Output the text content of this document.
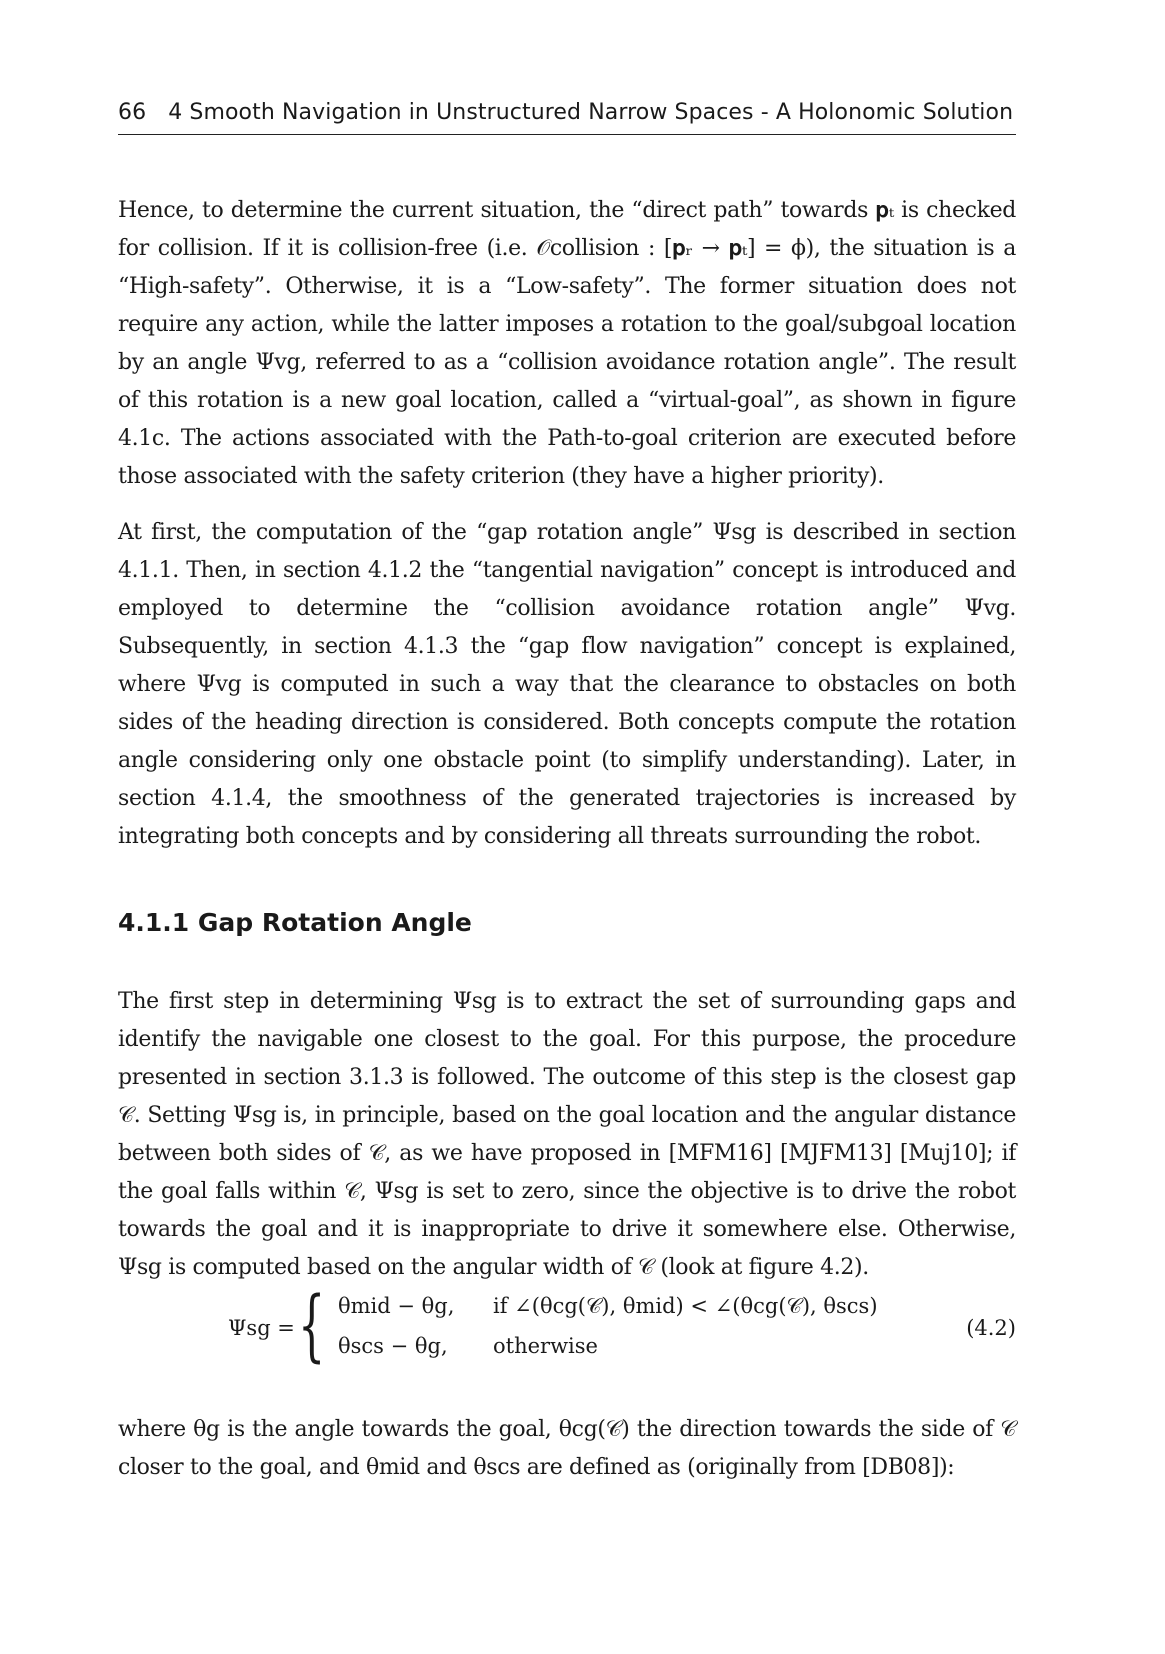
66 4 Smooth Navigation in Unstructured Narrow Spaces - A Holonomic Solution

Hence, to determine the current situation, the “direct path” towards 𝐩ₜ is checked for collision. If it is collision-free (i.e. 𝒪collision : [𝐩ᵣ → 𝐩ₜ] = ϕ), the situation is a “High-safety”. Otherwise, it is a “Low-safety”. The former situation does not require any action, while the latter imposes a rotation to the goal/subgoal location by an angle Ψvg, referred to as a “collision avoidance rotation angle”. The result of this rotation is a new goal location, called a “virtual-goal”, as shown in figure 4.1c. The actions associated with the Path-to-goal criterion are executed before those associated with the safety criterion (they have a higher priority).

At first, the computation of the “gap rotation angle” Ψsg is described in section 4.1.1. Then, in section 4.1.2 the “tangential navigation” concept is introduced and employed to determine the “collision avoidance rotation angle” Ψvg. Subsequently, in section 4.1.3 the “gap flow navigation” concept is explained, where Ψvg is computed in such a way that the clearance to obstacles on both sides of the heading direction is considered. Both concepts compute the rotation angle considering only one obstacle point (to simplify understanding). Later, in section 4.1.4, the smoothness of the generated trajectories is increased by integrating both concepts and by considering all threats surrounding the robot.

4.1.1 Gap Rotation Angle

The first step in determining Ψsg is to extract the set of surrounding gaps and identify the navigable one closest to the goal. For this purpose, the procedure presented in section 3.1.3 is followed. The outcome of this step is the closest gap 𝒞. Setting Ψsg is, in principle, based on the goal location and the angular distance between both sides of 𝒞, as we have proposed in [MFM16] [MJFM13] [Muj10]; if the goal falls within 𝒞, Ψsg is set to zero, since the objective is to drive the robot towards the goal and it is inappropriate to drive it somewhere else. Otherwise, Ψsg is computed based on the angular width of 𝒞 (look at figure 4.2).

Ψsg = { θmid − θg, if ∠(θcg(𝒞), θmid) < ∠(θcg(𝒞), θscs)
θscs − θg, otherwise
(4.2)

where θg is the angle towards the goal, θcg(𝒞) the direction towards the side of 𝒞 closer to the goal, and θmid and θscs are defined as (originally from [DB08]):
